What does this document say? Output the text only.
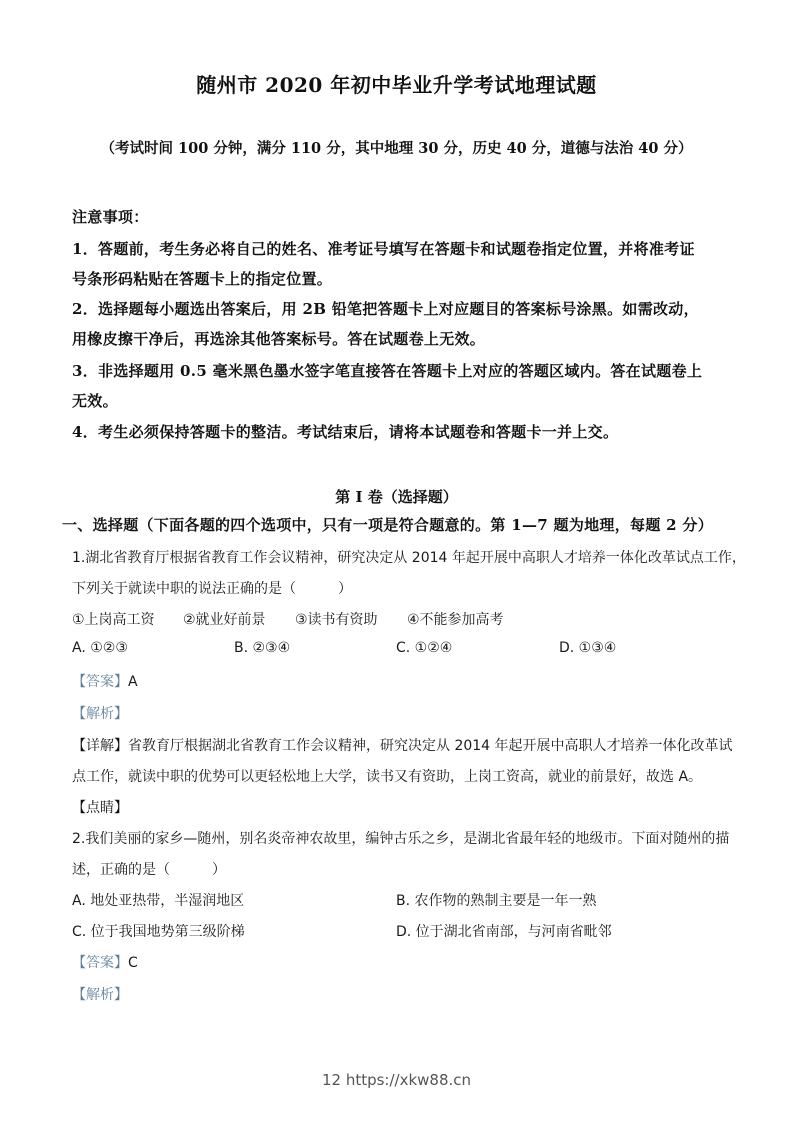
随州市 2020 年初中毕业升学考试地理试题
（考试时间 100 分钟，满分 110 分，其中地理 30 分，历史 40 分，道德与法治 40 分）
注意事项：
1．答题前，考生务必将自己的姓名、准考证号填写在答题卡和试题卷指定位置，并将准考证
号条形码粘贴在答题卡上的指定位置。
2．选择题每小题选出答案后，用 2B 铅笔把答题卡上对应题目的答案标号涂黑。如需改动，
用橡皮擦干净后，再选涂其他答案标号。答在试题卷上无效。
3．非选择题用 0.5 毫米黑色墨水签字笔直接答在答题卡上对应的答题区域内。答在试题卷上
无效。
4．考生必须保持答题卡的整洁。考试结束后，请将本试题卷和答题卡一并上交。
第 I 卷（选择题）
一、选择题（下面各题的四个选项中，只有一项是符合题意的。第 1—7 题为地理，每题 2 分）
1.湖北省教育厅根据省教育工作会议精神，研究决定从 2014 年起开展中高职人才培养一体化改革试点工作，
下列关于就读中职的说法正确的是（　　　）
①上岗高工资 ②就业好前景 ③读书有资助 ④不能参加高考
A. ①②③	B. ②③④	C. ①②④	D. ①③④
【答案】A
【解析】
【详解】省教育厅根据湖北省教育工作会议精神，研究决定从 2014 年起开展中高职人才培养一体化改革试
点工作，就读中职的优势可以更轻松地上大学，读书又有资助，上岗工资高，就业的前景好，故选 A。
【点睛】
2.我们美丽的家乡—随州，别名炎帝神农故里，编钟古乐之乡，是湖北省最年轻的地级市。下面对随州的描
述，正确的是（　　　）
A. 地处亚热带，半湿润地区	B. 农作物的熟制主要是一年一熟
C. 位于我国地势第三级阶梯	D. 位于湖北省南部，与河南省毗邻
【答案】C
【解析】
12 https://xkw88.cn
